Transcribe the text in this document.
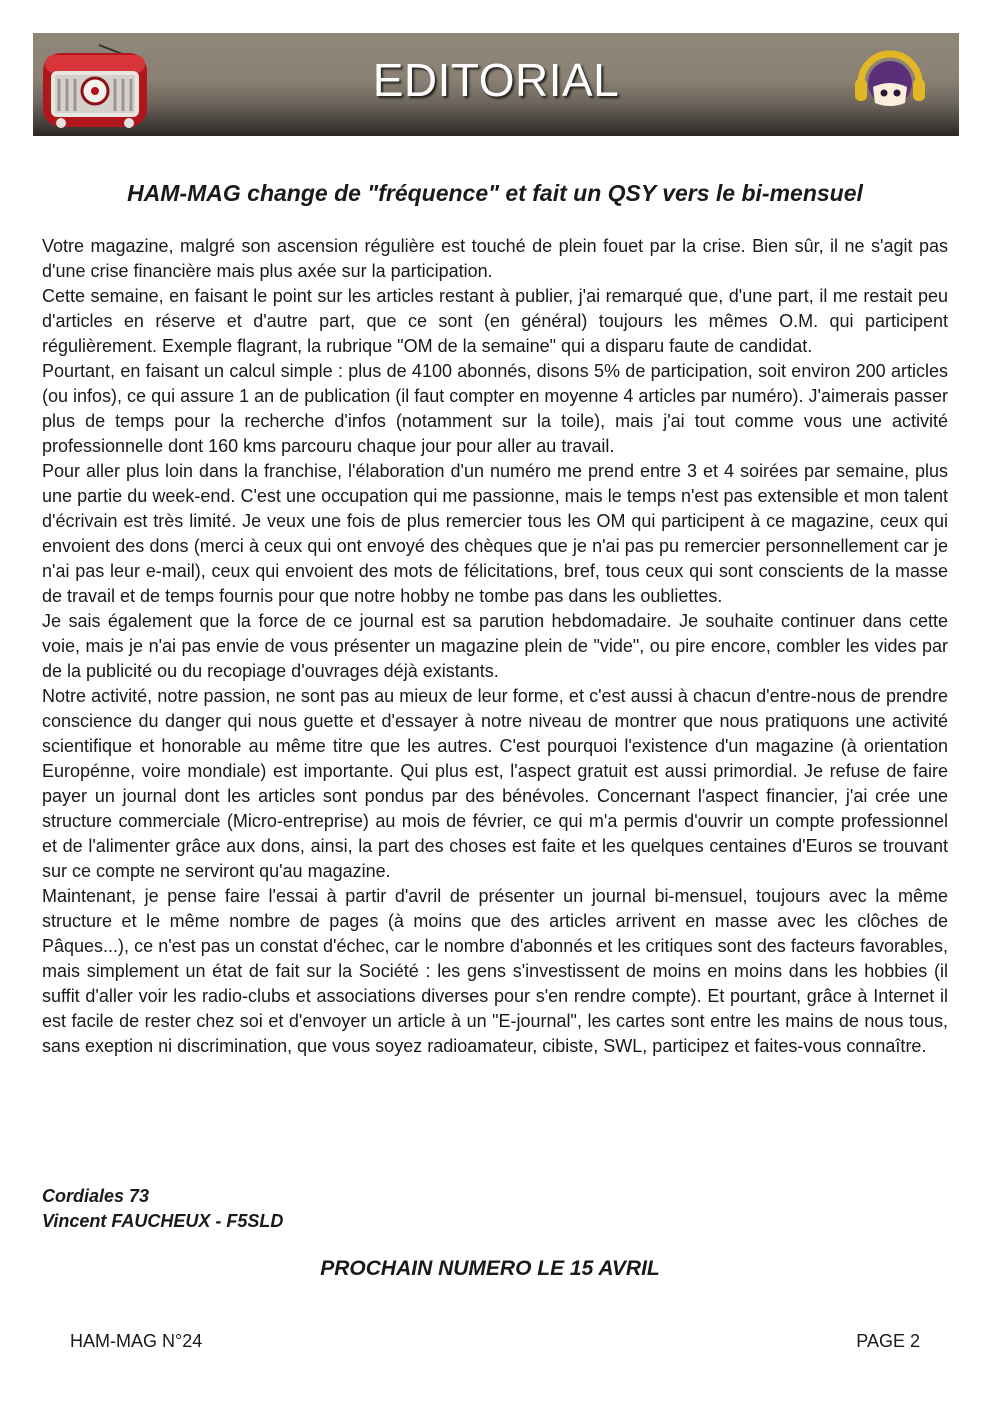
EDITORIAL
HAM-MAG change de "fréquence" et fait un QSY vers le bi-mensuel

Votre magazine, malgré son ascension régulière est touché de plein fouet par la crise. Bien sûr, il ne s'agit pas d'une crise financière mais plus axée sur la participation.

Cette semaine, en faisant le point sur les articles restant à publier, j'ai remarqué que, d'une part, il me restait peu d'articles en réserve et d'autre part, que ce sont (en général) toujours les mêmes O.M. qui participent régulièrement. Exemple flagrant, la rubrique "OM de la semaine" qui a disparu faute de candidat.

Pourtant, en faisant un calcul simple : plus de 4100 abonnés, disons 5% de participation, soit environ 200 articles (ou infos), ce qui assure 1 an de publication (il faut compter en moyenne 4 articles par numéro). J'aimerais passer plus de temps pour la recherche d'infos (notamment sur la toile), mais j'ai tout comme vous une activité professionnelle dont 160 kms parcouru chaque jour pour aller au travail.

Pour aller plus loin dans la franchise, l'élaboration d'un numéro me prend entre 3 et 4 soirées par semaine, plus une partie du week-end. C'est une occupation qui me passionne, mais le temps n'est pas extensible et mon talent d'écrivain est très limité. Je veux une fois de plus remercier tous les OM qui participent à ce magazine, ceux qui envoient des dons (merci à ceux qui ont envoyé des chèques que je n'ai pas pu remercier personnellement car je n'ai pas leur e-mail), ceux qui envoient des mots de félicitations, bref, tous ceux qui sont conscients de la masse de travail et de temps fournis pour que notre hobby ne tombe pas dans les oubliettes.

Je sais également que la force de ce journal est sa parution hebdomadaire. Je souhaite continuer dans cette voie, mais je n'ai pas envie de vous présenter un magazine plein de "vide", ou pire encore, combler les vides par de la publicité ou du recopiage d'ouvrages déjà existants.

Notre activité, notre passion, ne sont pas au mieux de leur forme, et c'est aussi à chacun d'entre-nous de prendre conscience du danger qui nous guette et d'essayer à notre niveau de montrer que nous pratiquons une activité scientifique et honorable au même titre que les autres. C'est pourquoi l'existence d'un magazine (à orientation Europénne, voire mondiale) est importante. Qui plus est, l'aspect gratuit est aussi primordial. Je refuse de faire payer un journal dont les articles sont pondus par des bénévoles. Concernant l'aspect financier, j'ai crée une structure commerciale (Micro-entreprise) au mois de février, ce qui m'a permis d'ouvrir un compte professionnel et de l'alimenter grâce aux dons, ainsi, la part des choses est faite et les quelques centaines d'Euros se trouvant sur ce compte ne serviront qu'au magazine.

Maintenant, je pense faire l'essai à partir d'avril de présenter un journal bi-mensuel, toujours avec la même structure et le même nombre de pages (à moins que des articles arrivent en masse avec les clôches de Pâques...), ce n'est pas un constat d'échec, car le nombre d'abonnés et les critiques sont des facteurs favorables, mais simplement un état de fait sur la Société : les gens s'investissent de moins en moins dans les hobbies (il suffit d'aller voir les radio-clubs et associations diverses pour s'en rendre compte). Et pourtant, grâce à Internet il est facile de rester chez soi et d'envoyer un article à un "E-journal", les cartes sont entre les mains de nous tous, sans exeption ni discrimination, que vous soyez radioamateur, cibiste, SWL, participez et faites-vous connaître.

Cordiales 73
Vincent FAUCHEUX - F5SLD
PROCHAIN NUMERO LE 15 AVRIL
HAM-MAG N°24	PAGE 2
